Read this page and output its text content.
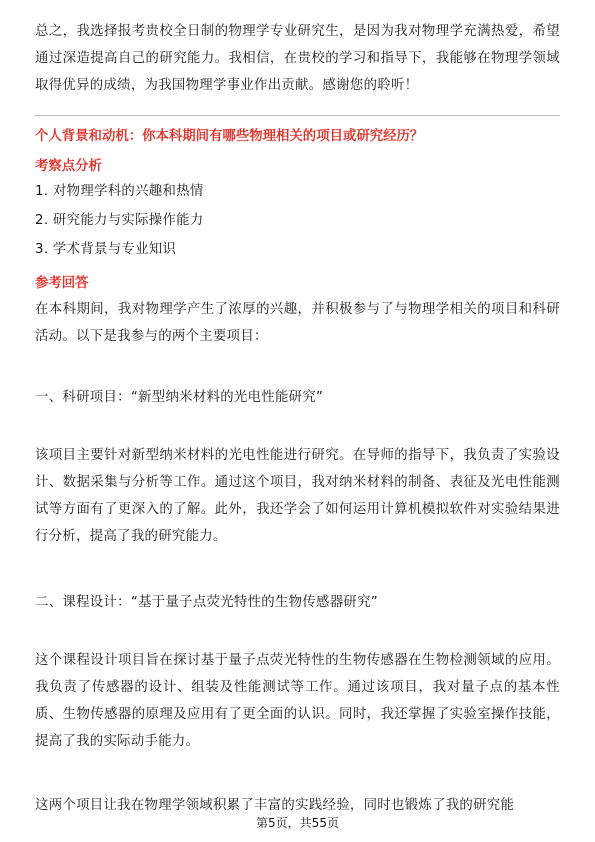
总之，我选择报考贵校全日制的物理学专业研究生，是因为我对物理学充满热爱，希望通过深造提高自己的研究能力。我相信，在贵校的学习和指导下，我能够在物理学领域取得优异的成绩，为我国物理学事业作出贡献。感谢您的聆听！

个人背景和动机：你本科期间有哪些物理相关的项目或研究经历？

考察点分析

1. 对物理学科的兴趣和热情

2. 研究能力与实际操作能力

3. 学术背景与专业知识

参考回答

在本科期间，我对物理学产生了浓厚的兴趣，并积极参与了与物理学相关的项目和科研活动。以下是我参与的两个主要项目：

一、科研项目：“新型纳米材料的光电性能研究”

该项目主要针对新型纳米材料的光电性能进行研究。在导师的指导下，我负责了实验设计、数据采集与分析等工作。通过这个项目，我对纳米材料的制备、表征及光电性能测试等方面有了更深入的了解。此外，我还学会了如何运用计算机模拟软件对实验结果进行分析，提高了我的研究能力。

二、课程设计：“基于量子点荧光特性的生物传感器研究”

这个课程设计项目旨在探讨基于量子点荧光特性的生物传感器在生物检测领域的应用。我负责了传感器的设计、组装及性能测试等工作。通过该项目，我对量子点的基本性质、生物传感器的原理及应用有了更全面的认识。同时，我还掌握了实验室操作技能，提高了我的实际动手能力。

这两个项目让我在物理学领域积累了丰富的实践经验，同时也锻炼了我的研究能

第5页，共55页
